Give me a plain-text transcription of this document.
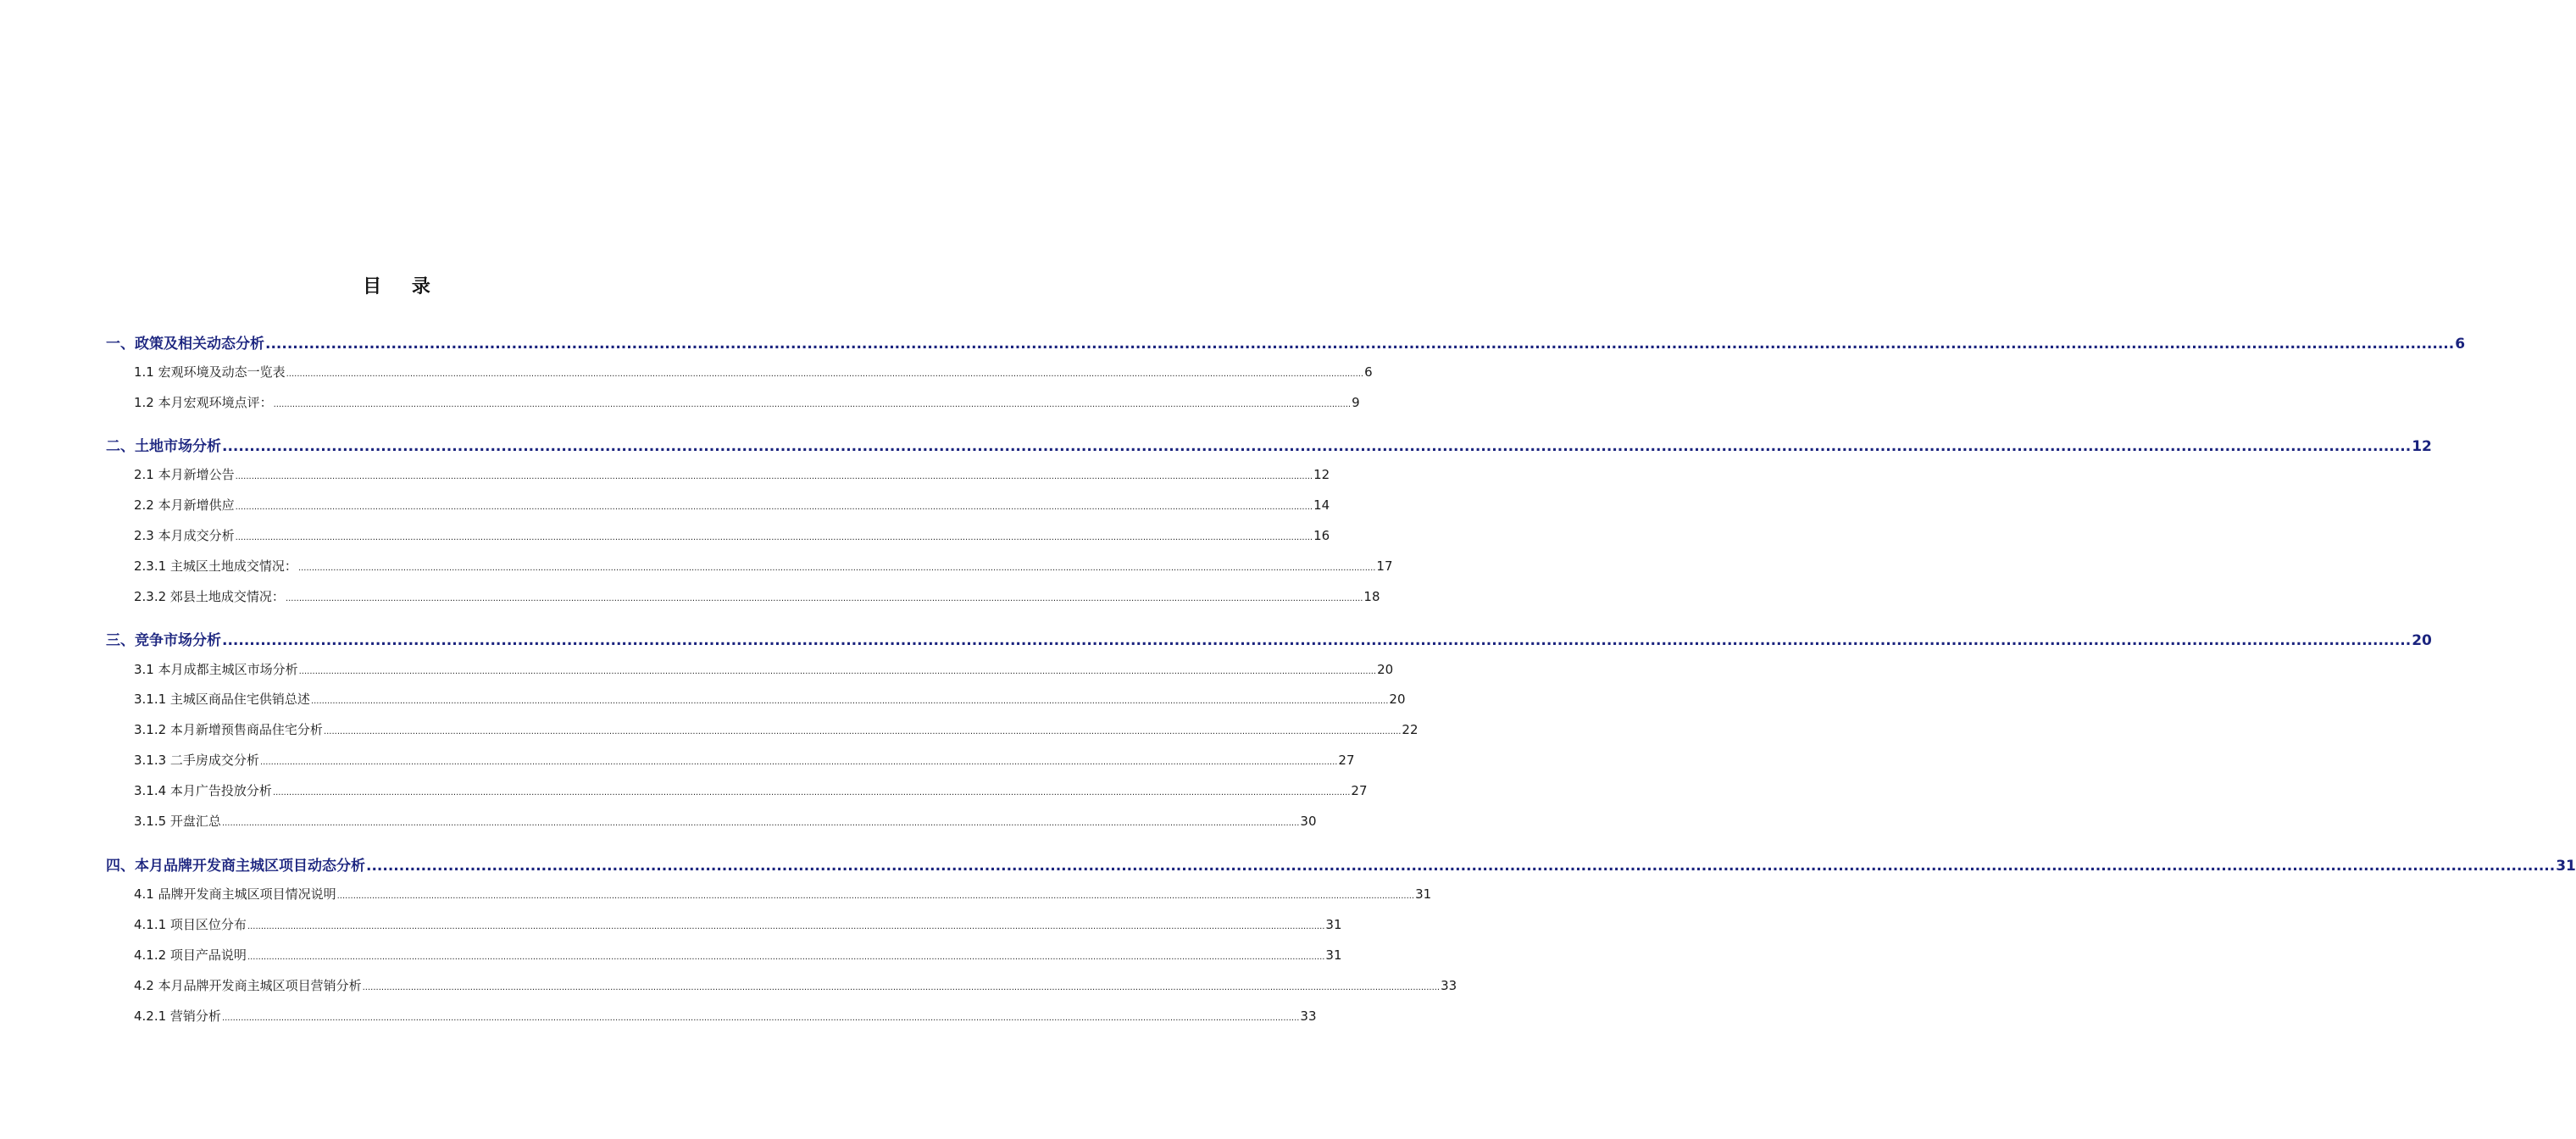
目 录
一、政策及相关动态分析 ................................................................................................................................................................................................................................................................................................................................................................................................................ 6
1.1 宏观环境及动态一览表 ................................................................................................................................................................................................................................................................................................................................................................................................................ 6
1.2 本月宏观环境点评： ................................................................................................................................................................................................................................................................................................................................................................................................................ 9
二、土地市场分析 ................................................................................................................................................................................................................................................................................................................................................................................................................ 12
2.1 本月新增公告 ................................................................................................................................................................................................................................................................................................................................................................................................................ 12
2.2 本月新增供应 ................................................................................................................................................................................................................................................................................................................................................................................................................ 14
2.3 本月成交分析 ................................................................................................................................................................................................................................................................................................................................................................................................................ 16
2.3.1 主城区土地成交情况： ................................................................................................................................................................................................................................................................................................................................................................................................................ 17
2.3.2 郊县土地成交情况： ................................................................................................................................................................................................................................................................................................................................................................................................................ 18
三、竞争市场分析 ................................................................................................................................................................................................................................................................................................................................................................................................................ 20
3.1 本月成都主城区市场分析 ................................................................................................................................................................................................................................................................................................................................................................................................................ 20
3.1.1 主城区商品住宅供销总述 ................................................................................................................................................................................................................................................................................................................................................................................................................ 20
3.1.2 本月新增预售商品住宅分析 ................................................................................................................................................................................................................................................................................................................................................................................................................ 22
3.1.3 二手房成交分析 ................................................................................................................................................................................................................................................................................................................................................................................................................ 27
3.1.4 本月广告投放分析 ................................................................................................................................................................................................................................................................................................................................................................................................................ 27
3.1.5 开盘汇总 ................................................................................................................................................................................................................................................................................................................................................................................................................ 30
四、本月品牌开发商主城区项目动态分析 ................................................................................................................................................................................................................................................................................................................................................................................................................ 31
4.1 品牌开发商主城区项目情况说明 ................................................................................................................................................................................................................................................................................................................................................................................................................ 31
4.1.1 项目区位分布 ................................................................................................................................................................................................................................................................................................................................................................................................................ 31
4.1.2 项目产品说明 ................................................................................................................................................................................................................................................................................................................................................................................................................ 31
4.2 本月品牌开发商主城区项目营销分析 ................................................................................................................................................................................................................................................................................................................................................................................................................ 33
4.2.1 营销分析 ................................................................................................................................................................................................................................................................................................................................................................................................................ 33
